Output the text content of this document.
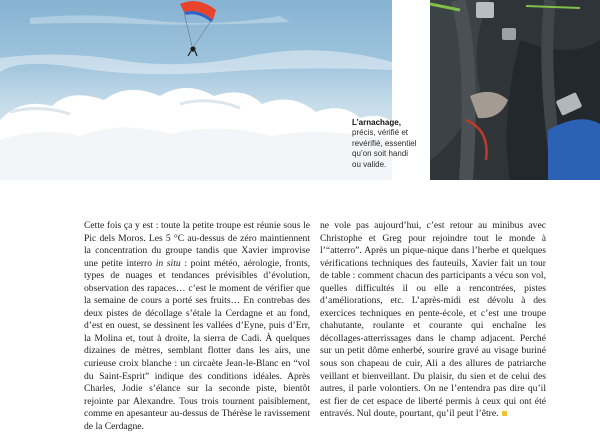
L’arnachage, précis, vérifié et revérifié, essentiel qu’on soit handi ou valide.

Cette fois ça y est : toute la petite troupe est réunie sous le Pic dels Moros. Les 5 °C au-dessus de zéro maintiennent la concentration du groupe tandis que Xavier improvise une petite interro in situ : point météo, aérologie, fronts, types de nuages et tendances prévisibles d’évolution, observation des rapaces… c’est le moment de vérifier que la semaine de cours a porté ses fruits… En contrebas des deux pistes de décollage s’étale la Cerdagne et au fond, d’est en ouest, se dessinent les vallées d’Eyne, puis d’Err, la Molina et, tout à droite, la sierra de Cadi. À quelques dizaines de mètres, semblant flotter dans les airs, une curieuse croix blanche : un circaète Jean-le-Blanc en “vol du Saint-Esprit” indique des conditions idéales. Après Charles, Jodie s’élance sur la seconde piste, bientôt rejointe par Alexandre. Tous trois tournent paisiblement, comme en apesanteur au-dessus de Thérèse le ravissement de la Cerdagne.

ne vole pas aujourd’hui, c’est retour au minibus avec Christophe et Greg pour rejoindre tout le monde à l’“atterro”. Après un pique-nique dans l’herbe et quelques vérifications techniques des fauteuils, Xavier fait un tour de table : comment chacun des participants a vécu son vol, quelles difficultés il ou elle a rencontrées, pistes d’améliorations, etc. L’après-midi est dévolu à des exercices techniques en pente-école, et c’est une troupe chahutante, roulante et courante qui enchaîne les décollages-atterrissages dans le champ adjacent. Perché sur un petit dôme enherbé, sourire gravé au visage buriné sous son chapeau de cuir, Ali a des allures de patriarche veillant et bienveillant. Du plaisir, du sien et de celui des autres, il parle volontiers. On ne l’entendra pas dire qu’il est fier de cet espace de liberté permis à ceux qui ont été entravés. Nul doute, pourtant, qu’il peut l’être.
